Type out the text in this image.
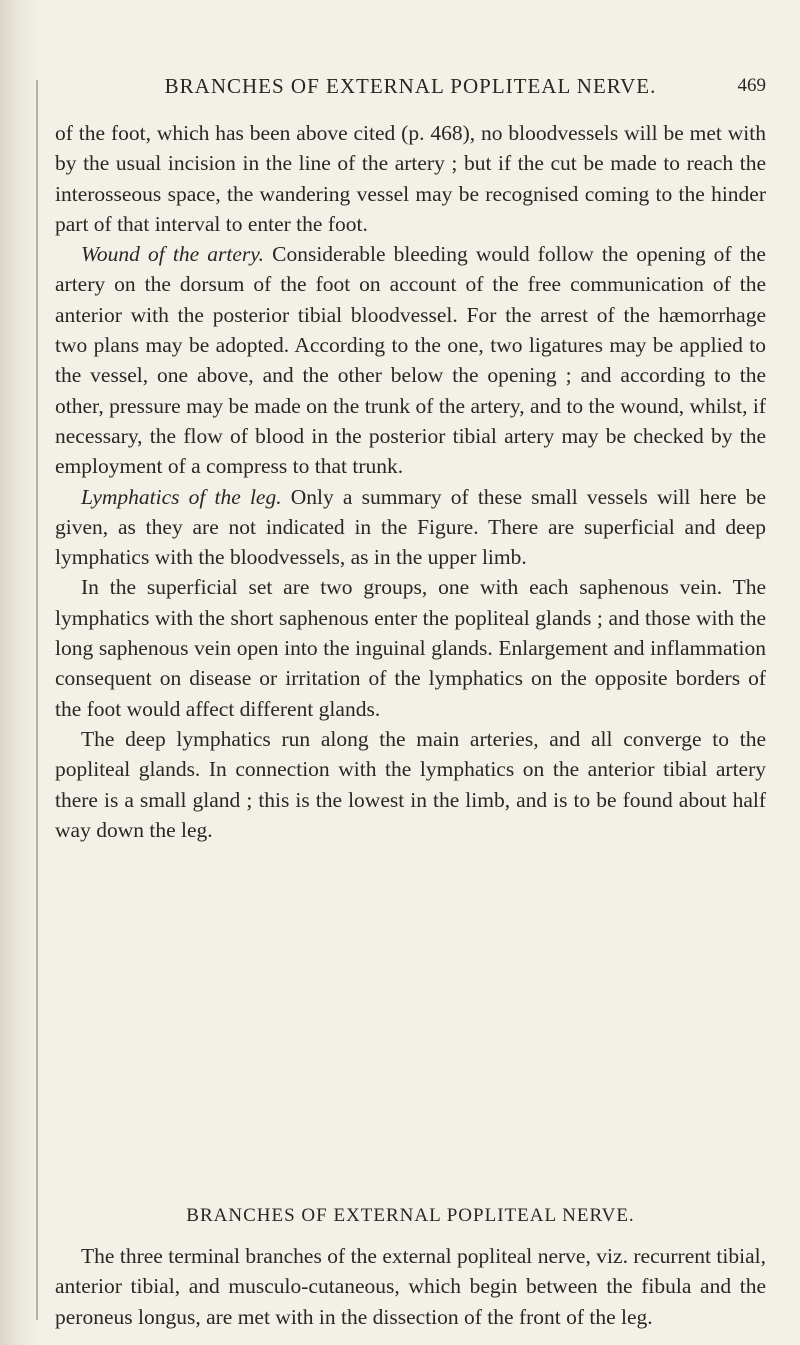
BRANCHES OF EXTERNAL POPLITEAL NERVE.	469

of the foot, which has been above cited (p. 468), no bloodvessels will be met with by the usual incision in the line of the artery ; but if the cut be made to reach the interosseous space, the wandering vessel may be recognised coming to the hinder part of that interval to enter the foot.

Wound of the artery. Considerable bleeding would follow the opening of the artery on the dorsum of the foot on account of the free communication of the anterior with the posterior tibial bloodvessel. For the arrest of the hæmorrhage two plans may be adopted. According to the one, two ligatures may be applied to the vessel, one above, and the other below the opening ; and according to the other, pressure may be made on the trunk of the artery, and to the wound, whilst, if necessary, the flow of blood in the posterior tibial artery may be checked by the employment of a compress to that trunk.

Lymphatics of the leg. Only a summary of these small vessels will here be given, as they are not indicated in the Figure. There are superficial and deep lymphatics with the bloodvessels, as in the upper limb.

In the superficial set are two groups, one with each saphenous vein. The lymphatics with the short saphenous enter the popliteal glands ; and those with the long saphenous vein open into the inguinal glands. Enlargement and inflammation consequent on disease or irritation of the lymphatics on the opposite borders of the foot would affect different glands.

The deep lymphatics run along the main arteries, and all converge to the popliteal glands. In connection with the lymphatics on the anterior tibial artery there is a small gland ; this is the lowest in the limb, and is to be found about half way down the leg.

BRANCHES OF EXTERNAL POPLITEAL NERVE.

The three terminal branches of the external popliteal nerve, viz. recurrent tibial, anterior tibial, and musculo-cutaneous, which begin between the fibula and the peroneus longus, are met with in the dissection of the front of the leg.
